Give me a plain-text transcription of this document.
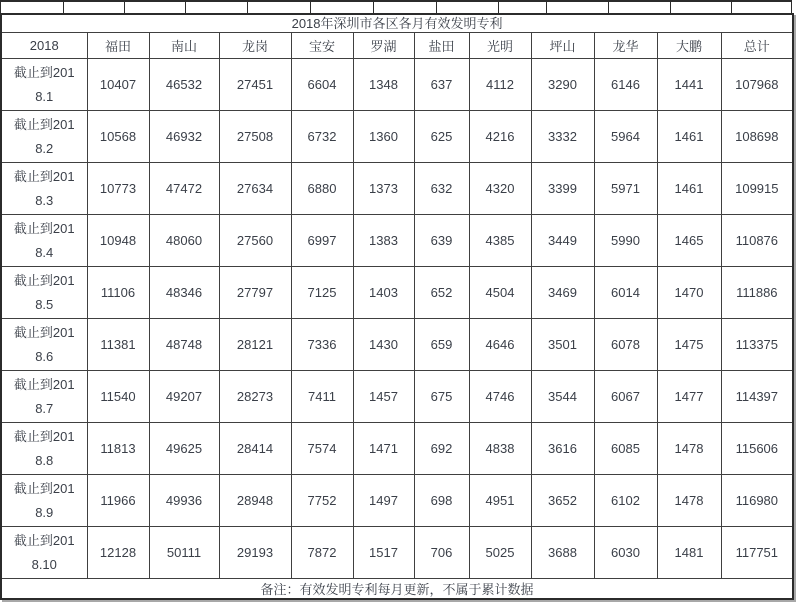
2018年深圳市各区各月有效发明专利											
2018	福田	南山	龙岗	宝安	罗湖	盐田	光明	坪山	龙华	大鹏	总计
截止到2018.1	10407	46532	27451	6604	1348	637	4112	3290	6146	1441	107968
截止到2018.2	10568	46932	27508	6732	1360	625	4216	3332	5964	1461	108698
截止到2018.3	10773	47472	27634	6880	1373	632	4320	3399	5971	1461	109915
截止到2018.4	10948	48060	27560	6997	1383	639	4385	3449	5990	1465	110876
截止到2018.5	11106	48346	27797	7125	1403	652	4504	3469	6014	1470	111886
截止到2018.6	11381	48748	28121	7336	1430	659	4646	3501	6078	1475	113375
截止到2018.7	11540	49207	28273	7411	1457	675	4746	3544	6067	1477	114397
截止到2018.8	11813	49625	28414	7574	1471	692	4838	3616	6085	1478	115606
截止到2018.9	11966	49936	28948	7752	1497	698	4951	3652	6102	1478	116980
截止到2018.10	12128	50111	29193	7872	1517	706	5025	3688	6030	1481	117751
备注：有效发明专利每月更新，不属于累计数据											
